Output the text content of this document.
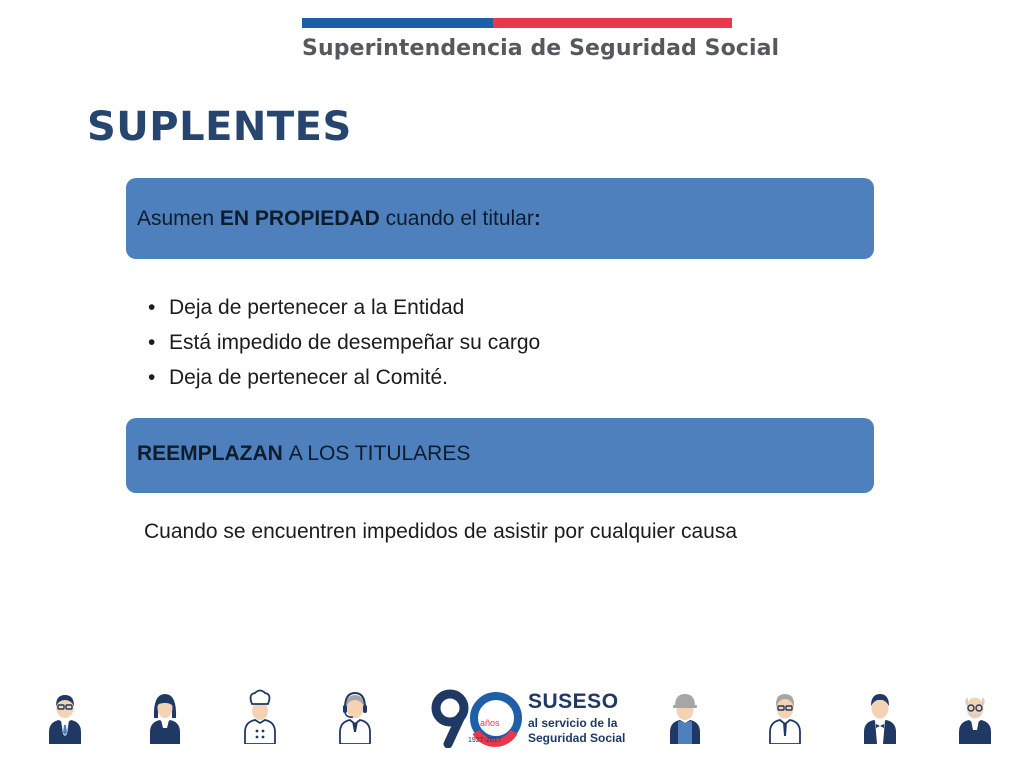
Superintendencia de Seguridad Social
SUPLENTES
Asumen
EN PROPIEDAD
cuando el titular :
• Deja de pertenecer a la Entidad
• Está impedido de desempeñar su cargo
• Deja de pertenecer al Comité.
REEMPLAZAN
A LOS TITULARES
Cuando se encuentren impedidos de asistir por cualquier causa
años
1927-2017
SUSESO
al servicio de la
Seguridad Social
